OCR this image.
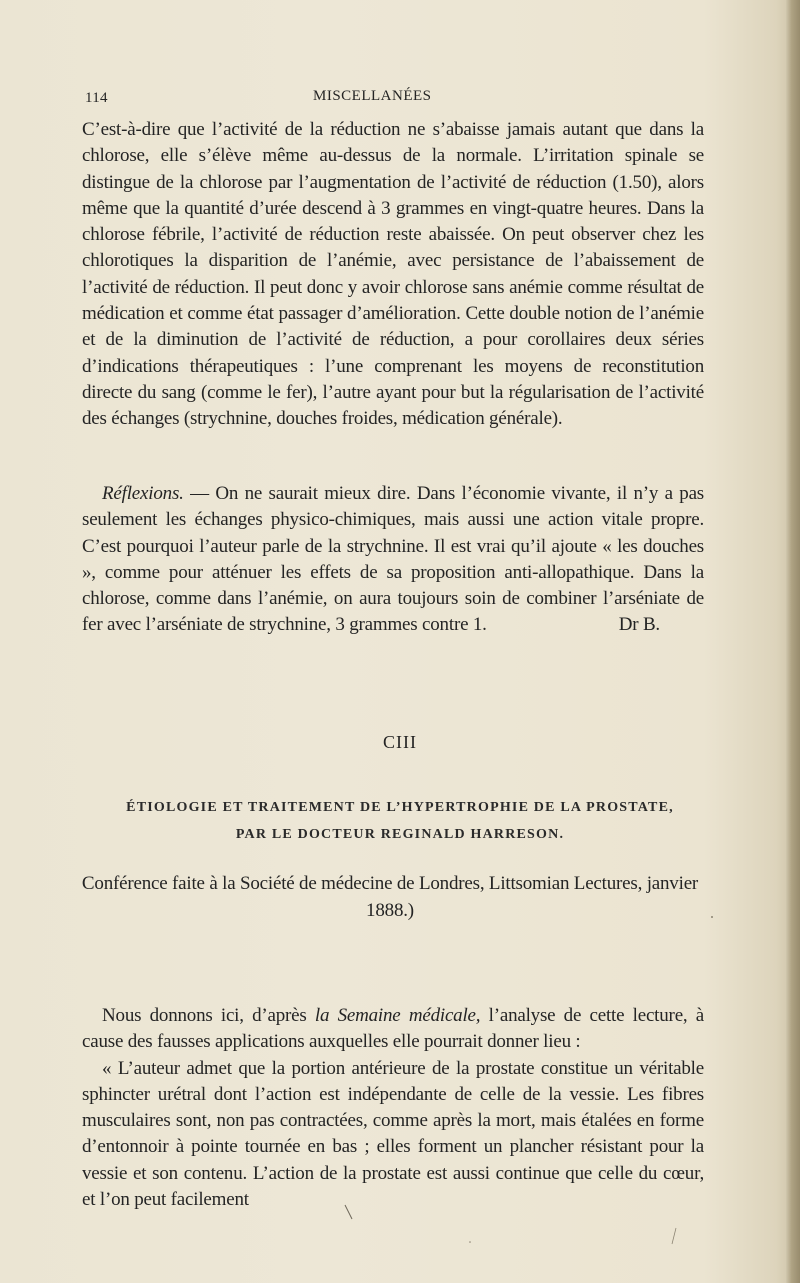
114	MISCELLANÉES

C’est-à-dire que l’activité de la réduction ne s’abaisse jamais autant que dans la chlorose, elle s’élève même au-dessus de la normale. L’irritation spinale se distingue de la chlorose par l’augmentation de l’activité de réduction (1.50), alors même que la quantité d’urée descend à 3 grammes en vingt-quatre heures. Dans la chlorose fébrile, l’activité de réduction reste abaissée. On peut observer chez les chlorotiques la disparition de l’anémie, avec persistance de l’abaissement de l’activité de réduction. Il peut donc y avoir chlorose sans anémie comme résultat de médication et comme état passager d’amélioration. Cette double notion de l’anémie et de la diminution de l’activité de réduction, a pour corollaires deux séries d’indications thérapeutiques : l’une comprenant les moyens de reconstitution directe du sang (comme le fer), l’autre ayant pour but la régularisation de l’activité des échanges (strychnine, douches froides, médication générale).

Réflexions. — On ne saurait mieux dire. Dans l’économie vivante, il n’y a pas seulement les échanges physico-chimiques, mais aussi une action vitale propre. C’est pourquoi l’auteur parle de la strychnine. Il est vrai qu’il ajoute « les douches », comme pour atténuer les effets de sa proposition anti-allopathique. Dans la chlorose, comme dans l’anémie, on aura toujours soin de combiner l’arséniate de fer avec l’arséniate de strychnine, 3 grammes contre 1.	Dr B.

CIII
ÉTIOLOGIE ET TRAITEMENT DE L’HYPERTROPHIE DE LA PROSTATE,
PAR LE DOCTEUR REGINALD HARRESON.
Conférence faite à la Société de médecine de Londres, Littsomian Lectures, janvier 1888.)
Nous donnons ici, d’après la Semaine médicale, l’analyse de cette lecture, à cause des fausses applications auxquelles elle pourrait donner lieu :
« L’auteur admet que la portion antérieure de la prostate constitue un véritable sphincter urétral dont l’action est indépendante de celle de la vessie. Les fibres musculaires sont, non pas contractées, comme après la mort, mais étalées en forme d’entonnoir à pointe tournée en bas ; elles forment un plancher résistant pour la vessie et son contenu. L’action de la prostate est aussi continue que celle du cœur, et l’on peut facilement
